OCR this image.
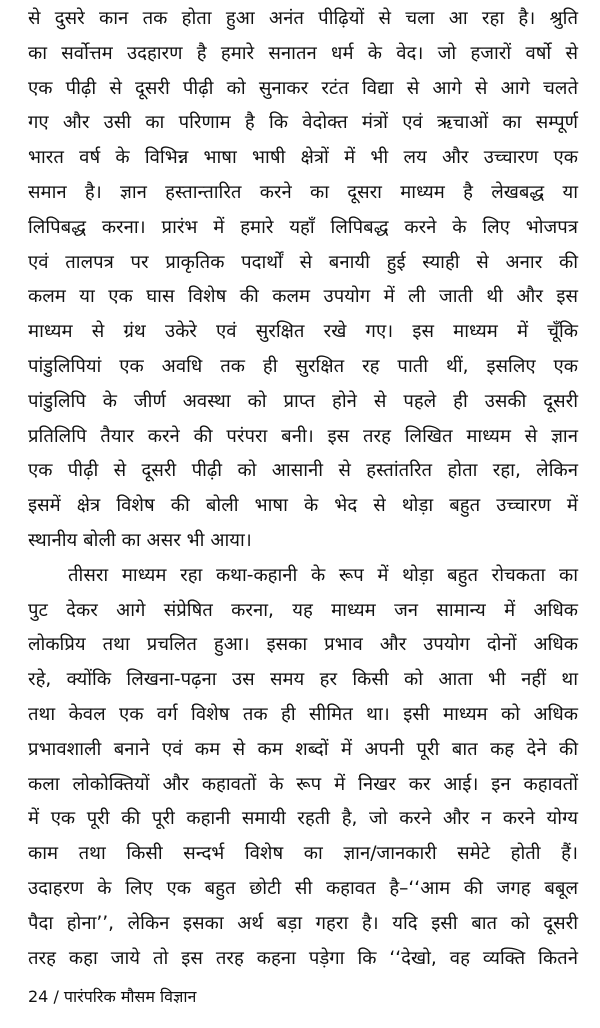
से दुसरे कान तक होता हुआ अनंत पीढ़ियों से चला आ रहा है। श्रुति
का सर्वोत्तम उदहारण है हमारे सनातन धर्म के वेद। जो हजारों वर्षो से
एक पीढ़ी से दूसरी पीढ़ी को सुनाकर रटंत विद्या से आगे से आगे चलते
गए और उसी का परिणाम है कि वेदोक्त मंत्रों एवं ऋचाओं का सम्पूर्ण
भारत वर्ष के विभिन्न भाषा भाषी क्षेत्रों में भी लय और उच्चारण एक
समान है। ज्ञान हस्तान्तारित करने का दूसरा माध्यम है लेखबद्ध या
लिपिबद्ध करना। प्रारंभ में हमारे यहाँ लिपिबद्ध करने के लिए भोजपत्र
एवं तालपत्र पर प्राकृतिक पदार्थों से बनायी हुई स्याही से अनार की
कलम या एक घास विशेष की कलम उपयोग में ली जाती थी और इस
माध्यम से ग्रंथ उकेरे एवं सुरक्षित रखे गए। इस माध्यम में चूँकि
पांडुलिपियां एक अवधि तक ही सुरक्षित रह पाती थीं, इसलिए एक
पांडुलिपि के जीर्ण अवस्था को प्राप्त होने से पहले ही उसकी दूसरी
प्रतिलिपि तैयार करने की परंपरा बनी। इस तरह लिखित माध्यम से ज्ञान
एक पीढ़ी से दूसरी पीढ़ी को आसानी से हस्तांतरित होता रहा, लेकिन
इसमें क्षेत्र विशेष की बोली भाषा के भेद से थोड़ा बहुत उच्चारण में
स्थानीय बोली का असर भी आया।
तीसरा माध्यम रहा कथा-कहानी के रूप में थोड़ा बहुत रोचकता का
पुट देकर आगे संप्रेषित करना, यह माध्यम जन सामान्य में अधिक
लोकप्रिय तथा प्रचलित हुआ। इसका प्रभाव और उपयोग दोनों अधिक
रहे, क्योंकि लिखना-पढ़ना उस समय हर किसी को आता भी नहीं था
तथा केवल एक वर्ग विशेष तक ही सीमित था। इसी माध्यम को अधिक
प्रभावशाली बनाने एवं कम से कम शब्दों में अपनी पूरी बात कह देने की
कला लोकोक्तियों और कहावतों के रूप में निखर कर आई। इन कहावतों
में एक पूरी की पूरी कहानी समायी रहती है, जो करने और न करने योग्य
काम तथा किसी सन्दर्भ विशेष का ज्ञान/जानकारी समेटे होती हैं।
उदाहरण के लिए एक बहुत छोटी सी कहावत है–‘‘आम की जगह बबूल
पैदा होना’’, लेकिन इसका अर्थ बड़ा गहरा है। यदि इसी बात को दूसरी
तरह कहा जाये तो इस तरह कहना पड़ेगा कि ‘‘देखो, वह व्यक्ति कितने
24 / पारंपरिक मौसम विज्ञान
